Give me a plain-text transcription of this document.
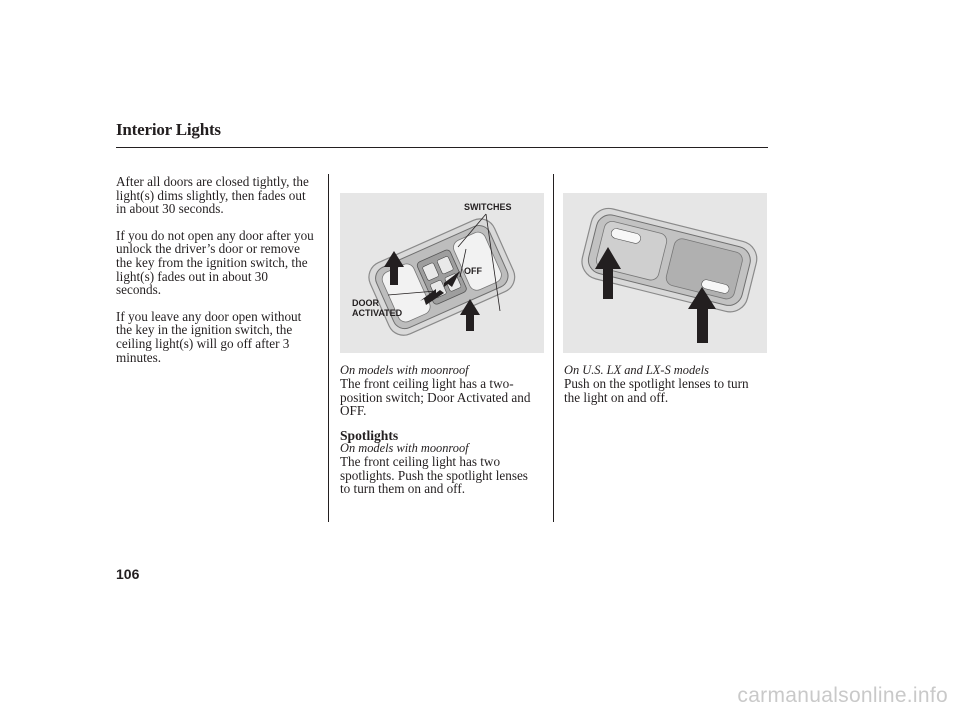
Interior Lights

After all doors are closed tightly, the
light(s) dims slightly, then fades out
in about 30 seconds.

If you do not open any door after you
unlock the driver’s door or remove
the key from the ignition switch, the
light(s) fades out in about 30
seconds.

If you leave any door open without
the key in the ignition switch, the
ceiling light(s) will go off after 3
minutes.

SWITCHES
OFF
DOOR
ACTIVATED
On models with moonroof

The front ceiling light has a two-
position switch; Door Activated and
OFF.

Spotlights
On models with moonroof

The front ceiling light has two
spotlights. Push the spotlight lenses
to turn them on and off.

On U.S. LX and LX-S models

Push on the spotlight lenses to turn
the light on and off.

106
carmanualsonline.info
